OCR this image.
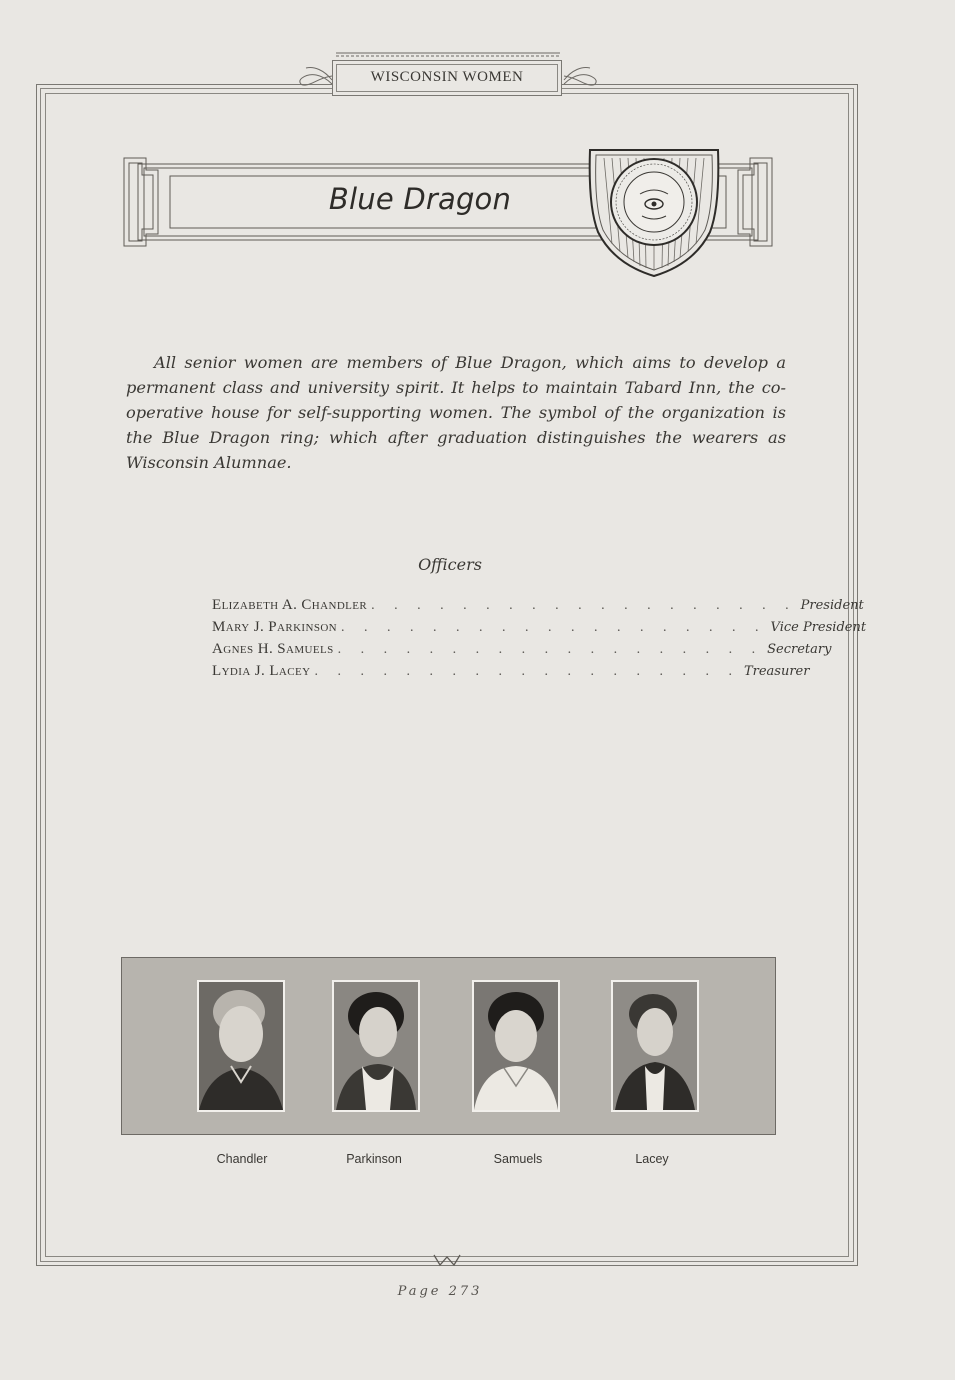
WISCONSIN WOMEN
Blue Dragon
All senior women are members of Blue Dragon, which aims to develop a permanent class and university spirit. It helps to maintain Tabard Inn, the co-operative house for self-supporting women. The symbol of the organization is the Blue Dragon ring; which after graduation distinguishes the wearers as Wisconsin Alumnae.
Officers
Elizabeth A. Chandler . . . . . . . . . . . . . . . . . . . President
Mary J. Parkinson . . . . . . . . . . . . . . . . . . . Vice President
Agnes H. Samuels . . . . . . . . . . . . . . . . . . . Secretary
Lydia J. Lacey . . . . . . . . . . . . . . . . . . . Treasurer
Chandler	Parkinson	Samuels	Lacey
Page 273
